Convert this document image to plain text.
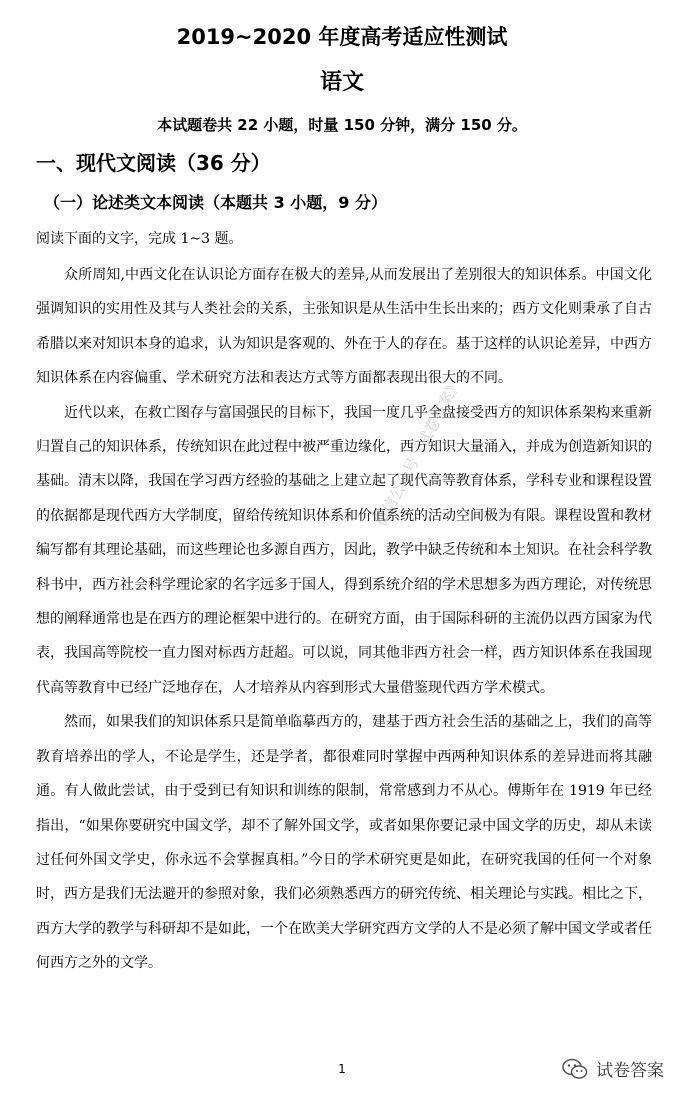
2019~2020 年度高考适应性测试
语文
本试题卷共 22 小题，时量 150 分钟，满分 150 分。
一、现代文阅读（36 分）
（一）论述类文本阅读（本题共 3 小题，9 分）
阅读下面的文字，完成 1~3 题。

众所周知,中西文化在认识论方面存在极大的差异,从而发展出了差别很大的知识体系。中国文化强调知识的实用性及其与人类社会的关系，主张知识是从生活中生长出来的；西方文化则秉承了自古希腊以来对知识本身的追求，认为知识是客观的、外在于人的存在。基于这样的认识论差异，中西方知识体系在内容偏重、学术研究方法和表达方式等方面都表现出很大的不同。

近代以来，在救亡图存与富国强民的目标下，我国一度几乎全盘接受西方的知识体系架构来重新归置自己的知识体系，传统知识在此过程中被严重边缘化，西方知识大量涌入，并成为创造新知识的基础。清末以降，我国在学习西方经验的基础之上建立起了现代高等教育体系，学科专业和课程设置的依据都是现代西方大学制度，留给传统知识体系和价值系统的活动空间极为有限。课程设置和教材编写都有其理论基础，而这些理论也多源自西方，因此，教学中缺乏传统和本土知识。在社会科学教科书中，西方社会科学理论家的名字远多于国人，得到系统介绍的学术思想多为西方理论，对传统思想的阐释通常也是在西方的理论框架中进行的。在研究方面，由于国际科研的主流仍以西方国家为代表，我国高等院校一直力图对标西方赶超。可以说，同其他非西方社会一样，西方知识体系在我国现代高等教育中已经广泛地存在，人才培养从内容到形式大量借鉴现代西方学术模式。

然而，如果我们的知识体系只是简单临摹西方的，建基于西方社会生活的基础之上，我们的高等教育培养出的学人，不论是学生，还是学者，都很难同时掌握中西两种知识体系的差异进而将其融通。有人做此尝试，由于受到已有知识和训练的限制，常常感到力不从心。傅斯年在 1919 年已经指出，“如果你要研究中国文学，却不了解外国文学，或者如果你要记录中国文学的历史，却从未读过任何外国文学史，你永远不会掌握真相。”今日的学术研究更是如此，在研究我国的任何一个对象时，西方是我们无法避开的参照对象，我们必须熟悉西方的研究传统、相关理论与实践。相比之下，西方大学的教学与科研却不是如此，一个在欧美大学研究西方文学的人不是必须了解中国文学或者任何西方之外的文学。

微信公众号《试卷答案》
1	试卷答案
